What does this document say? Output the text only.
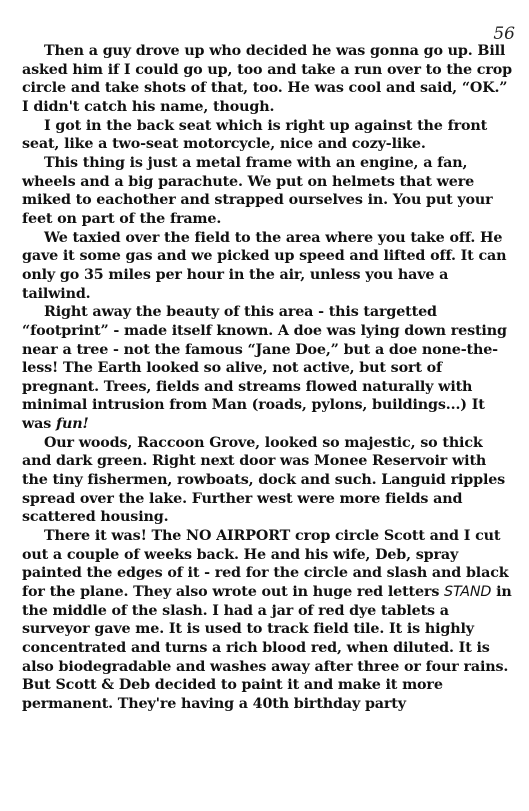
56

Then a guy drove up who decided he was gonna go up. Bill asked him if I could go up, too and take a run over to the crop circle and take shots of that, too. He was cool and said, “OK.” I didn't catch his name, though.

I got in the back seat which is right up against the front seat, like a two-seat motorcycle, nice and cozy-like.

This thing is just a metal frame with an engine, a fan, wheels and a big parachute. We put on helmets that were miked to eachother and strapped ourselves in. You put your feet on part of the frame.

We taxied over the field to the area where you take off. He gave it some gas and we picked up speed and lifted off. It can only go 35 miles per hour in the air, unless you have a tailwind.

Right away the beauty of this area - this targetted “footprint” - made itself known. A doe was lying down resting near a tree - not the famous “Jane Doe,” but a doe none-the-less! The Earth looked so alive, not active, but sort of pregnant. Trees, fields and streams flowed naturally with minimal intrusion from Man (roads, pylons, buildings...) It was fun!

Our woods, Raccoon Grove, looked so majestic, so thick and dark green. Right next door was Monee Reservoir with the tiny fishermen, rowboats, dock and such. Languid ripples spread over the lake. Further west were more fields and scattered housing.

There it was! The NO AIRPORT crop circle Scott and I cut out a couple of weeks back. He and his wife, Deb, spray painted the edges of it - red for the circle and slash and black for the plane. They also wrote out in huge red letters STAND in the middle of the slash. I had a jar of red dye tablets a surveyor gave me. It is used to track field tile. It is highly concentrated and turns a rich blood red, when diluted. It is also biodegradable and washes away after three or four rains. But Scott & Deb decided to paint it and make it more permanent. They're having a 40th birthday party
